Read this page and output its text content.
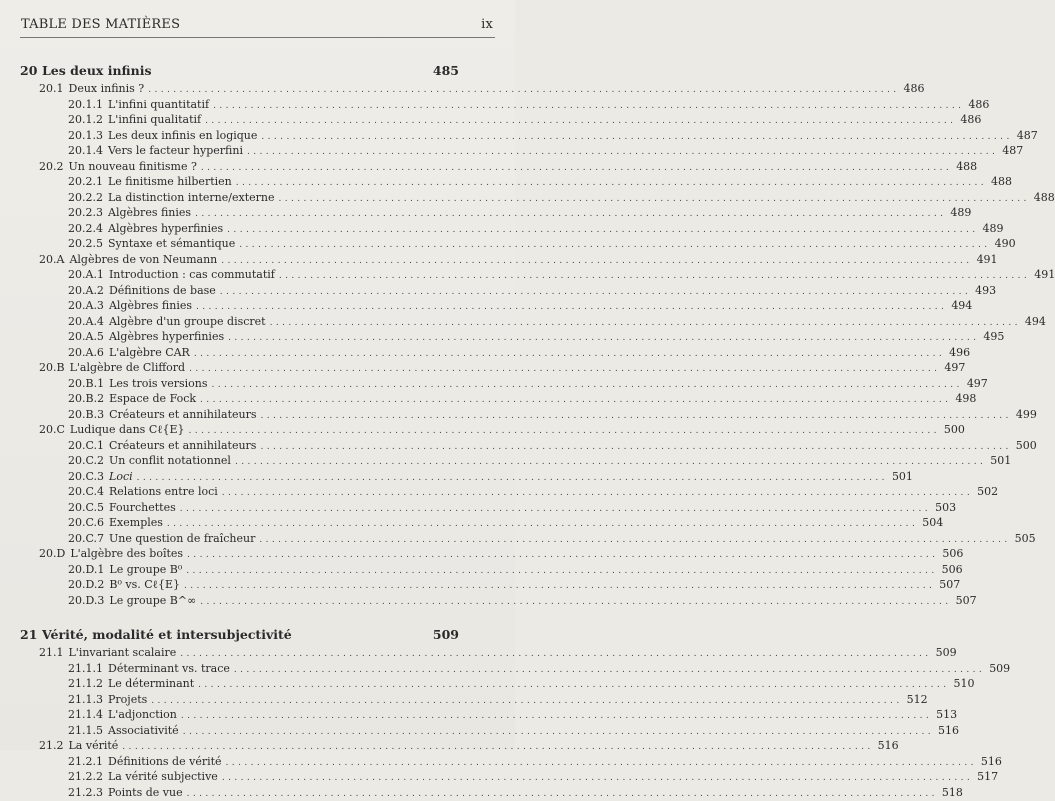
TABLE DES MATIÈRES	ix
20 Les deux infinis	485
20.1 Deux infinis ? ........................................................................................................................ 486
20.1.1 L'infini quantitatif ........................................................................................................................ 486
20.1.2 L'infini qualitatif ........................................................................................................................ 486
20.1.3 Les deux infinis en logique ........................................................................................................................ 487
20.1.4 Vers le facteur hyperfini ........................................................................................................................ 487
20.2 Un nouveau finitisme ? ........................................................................................................................ 488
20.2.1 Le finitisme hilbertien ........................................................................................................................ 488
20.2.2 La distinction interne/externe ........................................................................................................................ 488
20.2.3 Algèbres finies ........................................................................................................................ 489
20.2.4 Algèbres hyperfinies ........................................................................................................................ 489
20.2.5 Syntaxe et sémantique ........................................................................................................................ 490
20.A Algèbres de von Neumann ........................................................................................................................ 491
20.A.1 Introduction : cas commutatif ........................................................................................................................ 491
20.A.2 Définitions de base ........................................................................................................................ 493
20.A.3 Algèbres finies ........................................................................................................................ 494
20.A.4 Algèbre d'un groupe discret ........................................................................................................................ 494
20.A.5 Algèbres hyperfinies ........................................................................................................................ 495
20.A.6 L'algèbre CAR ........................................................................................................................ 496
20.B L'algèbre de Clifford ........................................................................................................................ 497
20.B.1 Les trois versions ........................................................................................................................ 497
20.B.2 Espace de Fock ........................................................................................................................ 498
20.B.3 Créateurs et annihilateurs ........................................................................................................................ 499
20.C Ludique dans Cℓ{E} ........................................................................................................................ 500
20.C.1 Créateurs et annihilateurs ........................................................................................................................ 500
20.C.2 Un conflit notationnel ........................................................................................................................ 501
20.C.3 Loci ........................................................................................................................ 501
20.C.4 Relations entre loci ........................................................................................................................ 502
20.C.5 Fourchettes ........................................................................................................................ 503
20.C.6 Exemples ........................................................................................................................ 504
20.C.7 Une question de fraîcheur ........................................................................................................................ 505
20.D L'algèbre des boîtes ........................................................................................................................ 506
20.D.1 Le groupe B⁰ ........................................................................................................................ 506
20.D.2 B⁰ vs. Cℓ{E} ........................................................................................................................ 507
20.D.3 Le groupe B^∞ ........................................................................................................................ 507
21 Vérité, modalité et intersubjectivité	509
21.1 L'invariant scalaire ........................................................................................................................ 509
21.1.1 Déterminant vs. trace ........................................................................................................................ 509
21.1.2 Le déterminant ........................................................................................................................ 510
21.1.3 Projets ........................................................................................................................ 512
21.1.4 L'adjonction ........................................................................................................................ 513
21.1.5 Associativité ........................................................................................................................ 516
21.2 La vérité ........................................................................................................................ 516
21.2.1 Définitions de vérité ........................................................................................................................ 516
21.2.2 La vérité subjective ........................................................................................................................ 517
21.2.3 Points de vue ........................................................................................................................ 518
